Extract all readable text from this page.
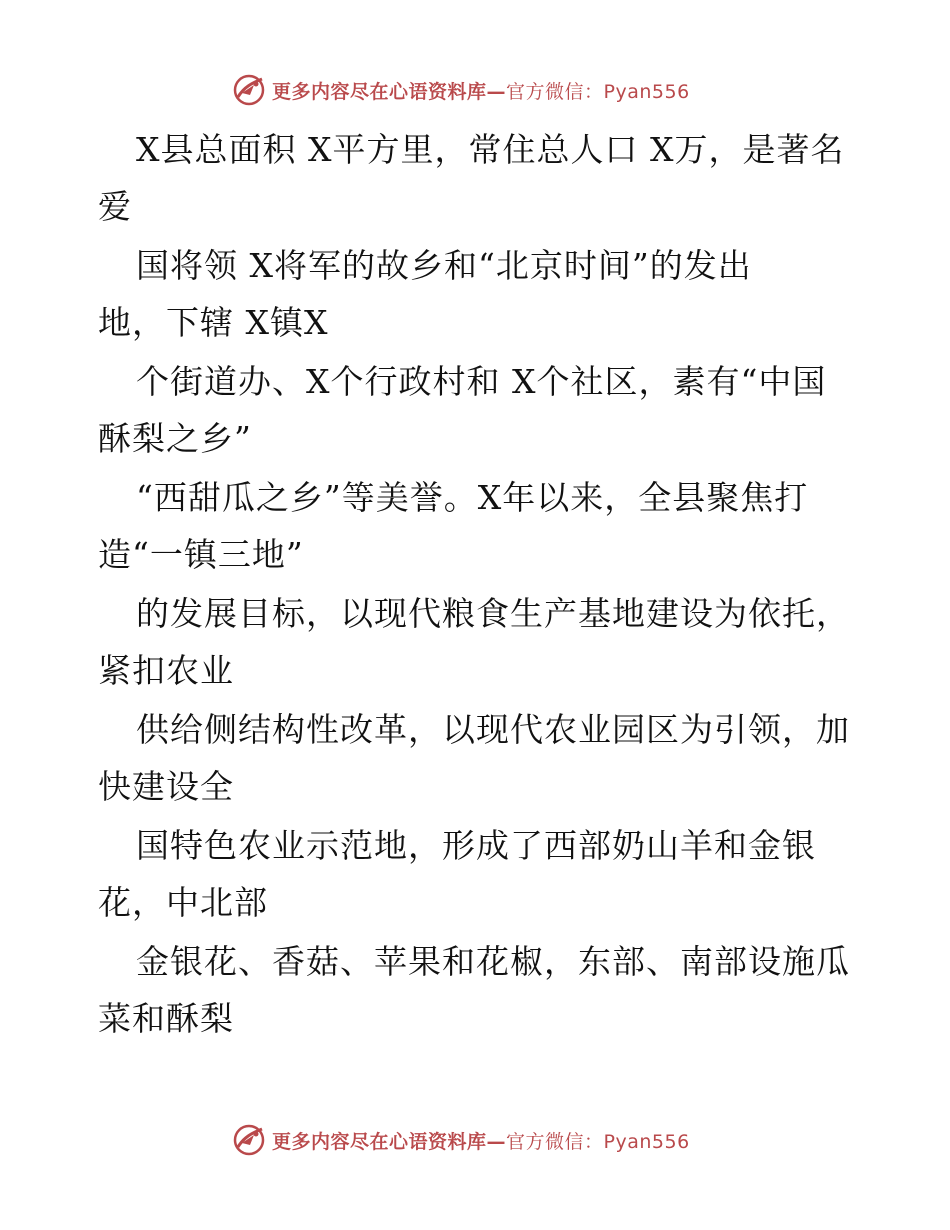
更多内容尽在心语资料库—官方微信：Pyan556
X县总面积 X平方里，常住总人口 X万，是著名
爱
国将领 X将军的故乡和“北京时间”的发出
地，下辖 X镇X
个街道办、X个行政村和 X个社区，素有“中国
酥梨之乡”
“西甜瓜之乡”等美誉。X年以来，全县聚焦打
造“一镇三地”
的发展目标，以现代粮食生产基地建设为依托，
紧扣农业
供给侧结构性改革，以现代农业园区为引领，加
快建设全
国特色农业示范地，形成了西部奶山羊和金银
花，中北部
金银花、香菇、苹果和花椒，东部、南部设施瓜
菜和酥梨
更多内容尽在心语资料库—官方微信：Pyan556
